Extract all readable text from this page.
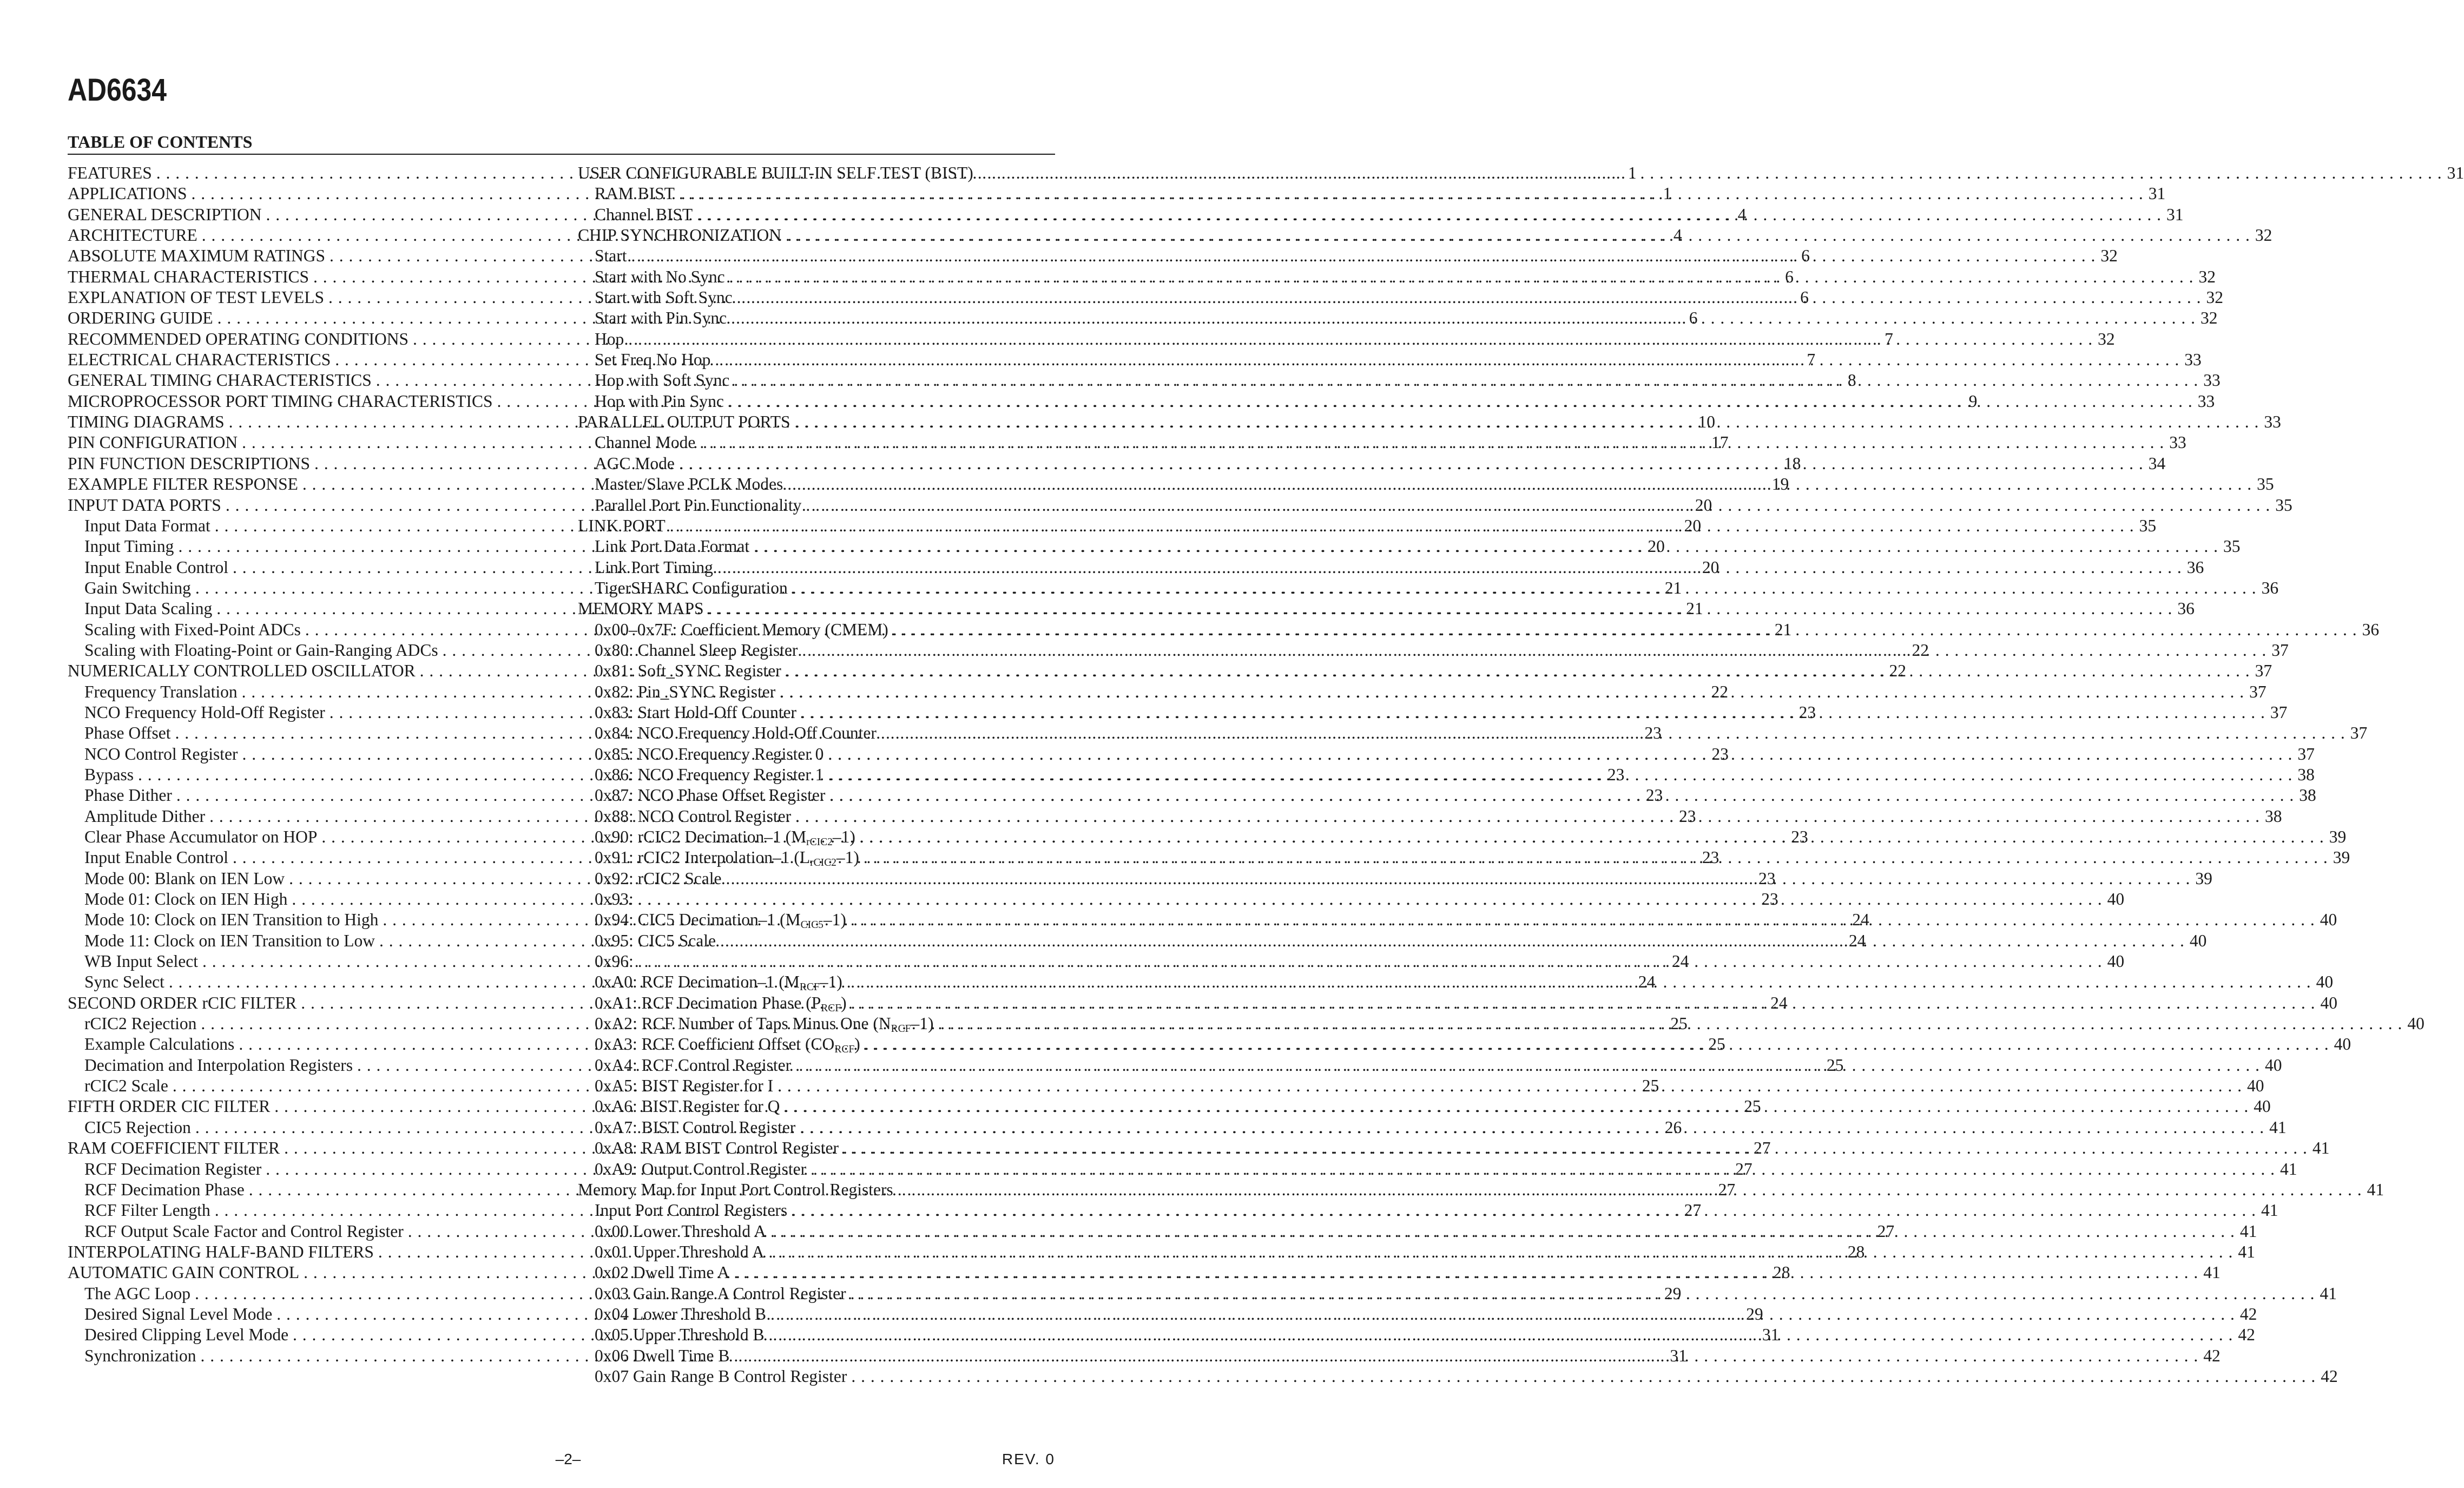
AD6634
TABLE OF CONTENTS
FEATURES . . .	1
APPLICATIONS . . .	1
GENERAL DESCRIPTION . . .	4
ARCHITECTURE . . .	4
ABSOLUTE MAXIMUM RATINGS . . .	6
THERMAL CHARACTERISTICS . . .	6
EXPLANATION OF TEST LEVELS . . .	6
ORDERING GUIDE . . .	6
RECOMMENDED OPERATING CONDITIONS . . .	7
ELECTRICAL CHARACTERISTICS . . .	7
GENERAL TIMING CHARACTERISTICS . . .	8
MICROPROCESSOR PORT TIMING CHARACTERISTICS . . .	9
TIMING DIAGRAMS . . .	10
PIN CONFIGURATION . . .	17
PIN FUNCTION DESCRIPTIONS . . .	18
EXAMPLE FILTER RESPONSE . . .	19
INPUT DATA PORTS . . .	20
Input Data Format . . .	20
Input Timing . . .	20
Input Enable Control . . .	20
Gain Switching . . .	21
Input Data Scaling . . .	21
Scaling with Fixed-Point ADCs . . .	21
Scaling with Floating-Point or Gain-Ranging ADCs . . .	22
NUMERICALLY CONTROLLED OSCILLATOR . . .	22
Frequency Translation . . .	22
NCO Frequency Hold-Off Register . . .	23
Phase Offset . . .	23
NCO Control Register . . .	23
Bypass . . .	23
Phase Dither . . .	23
Amplitude Dither . . .	23
Clear Phase Accumulator on HOP . . .	23
Input Enable Control . . .	23
Mode 00: Blank on IEN Low . . .	23
Mode 01: Clock on IEN High . . .	23
Mode 10: Clock on IEN Transition to High . . .	24
Mode 11: Clock on IEN Transition to Low . . .	24
WB Input Select . . .	24
Sync Select . . .	24
SECOND ORDER rCIC FILTER . . .	24
rCIC2 Rejection . . .	25
Example Calculations . . .	25
Decimation and Interpolation Registers . . .	25
rCIC2 Scale . . .	25
FIFTH ORDER CIC FILTER . . .	25
CIC5 Rejection . . .	26
RAM COEFFICIENT FILTER . . .	27
RCF Decimation Register . . .	27
RCF Decimation Phase . . .	27
RCF Filter Length . . .	27
RCF Output Scale Factor and Control Register . . .	27
INTERPOLATING HALF-BAND FILTERS . . .	28
AUTOMATIC GAIN CONTROL . . .	28
The AGC Loop . . .	29
Desired Signal Level Mode . . .	29
Desired Clipping Level Mode . . .	31
Synchronization . . .	31
USER CONFIGURABLE BUILT-IN SELF TEST (BIST) . . .	31
RAM BIST . . .	31
Channel BIST . . .	31
CHIP SYNCHRONIZATION . . .	32
Start . . .	32
Start with No Sync . . .	32
Start with Soft Sync . . .	32
Start with Pin Sync . . .	32
Hop . . .	32
Set Freq No Hop . . .	33
Hop with Soft Sync . . .	33
Hop with Pin Sync . . .	33
PARALLEL OUTPUT PORTS . . .	33
Channel Mode . . .	33
AGC Mode . . .	34
Master/Slave PCLK Modes . . .	35
Parallel Port Pin Functionality . . .	35
LINK PORT . . .	35
Link Port Data Format . . .	35
Link Port Timing . . .	36
TigerSHARC Configuration . . .	36
MEMORY MAPS . . .	36
0x00–0x7F: Coefficient Memory (CMEM) . . .	36
0x80: Channel Sleep Register . . .	37
0x81: Soft_SYNC Register . . .	37
0x82: Pin_SYNC Register . . .	37
0x83: Start Hold-Off Counter . . .	37
0x84: NCO Frequency Hold-Off Counter . . .	37
0x85: NCO Frequency Register 0 . . .	37
0x86: NCO Frequency Register 1 . . .	38
0x87: NCO Phase Offset Register . . .	38
0x88: NCO Control Register . . .	38
0x90: rCIC2 Decimation–1 $(M_{rCIC2}-1)$ . . .	39
0x91: rCIC2 Interpolation–1 $(L_{rCIC2}-1)$ . . .	39
0x92: rCIC2 Scale . . .	39
0x93: . . .	40
0x94: CIC5 Decimation–1 $(M_{CIC5}-1)$ . . .	40
0x95: CIC5 Scale . . .	40
0x96: . . .	40
0xA0: RCF Decimation–1 $(M_{RCF}-1)$ . . .	40
0xA1: RCF Decimation Phase $(P_{RCF})$ . . .	40
0xA2: RCF Number of Taps Minus One $(N_{RCF}-1)$ . . .	40
0xA3: RCF Coefficient Offset $(CO_{RCF})$ . . .	40
0xA4: RCF Control Register . . .	40
0xA5: BIST Register for I . . .	40
0xA6: BIST Register for Q . . .	40
0xA7: BIST Control Register . . .	41
0xA8: RAM BIST Control Register . . .	41
0xA9: Output Control Register . . .	41
Memory Map for Input Port Control Registers . . .	41
Input Port Control Registers . . .	41
0x00 Lower Threshold A . . .	41
0x01 Upper Threshold A . . .	41
0x02 Dwell Time A . . .	41
0x03 Gain Range A Control Register . . .	41
0x04 Lower Threshold B . . .	42
0x05 Upper Threshold B . . .	42
0x06 Dwell Time B . . .	42
0x07 Gain Range B Control Register . . .	42
–2–	REV. 0
